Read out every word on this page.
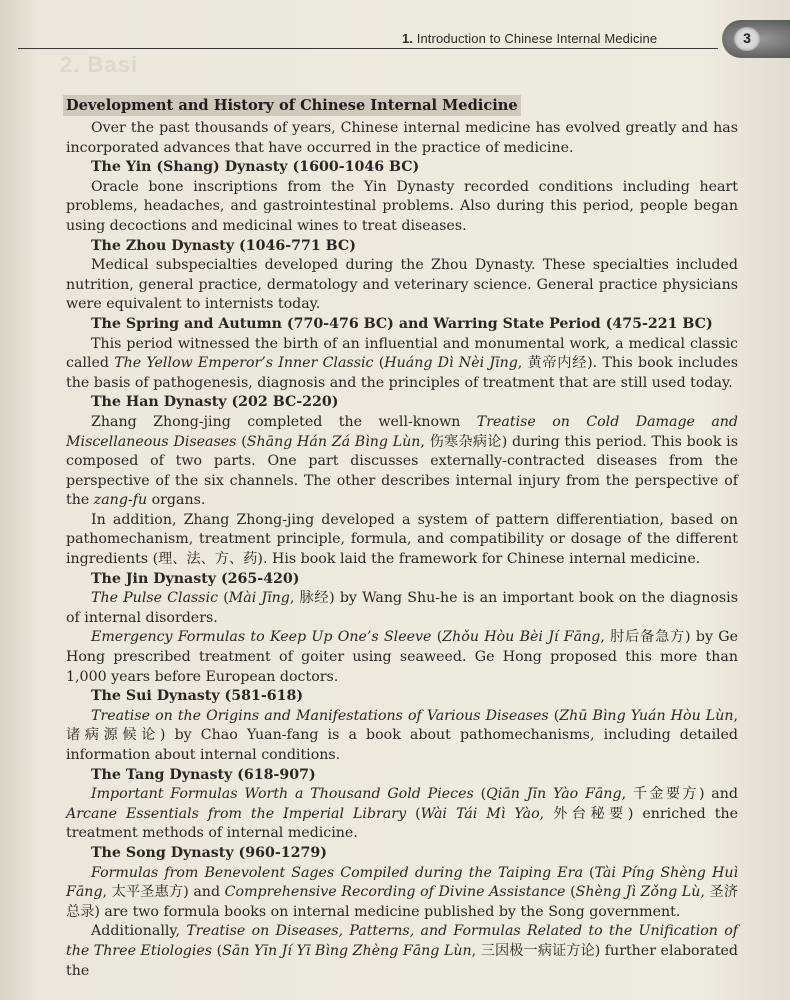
2. Basi
1. Introduction to Chinese Internal Medicine	3
Development and History of Chinese Internal Medicine

Over the past thousands of years, Chinese internal medicine has evolved greatly and has incorporated advances that have occurred in the practice of medicine.

The Yin (Shang) Dynasty (1600-1046 BC)

Oracle bone inscriptions from the Yin Dynasty recorded conditions including heart problems, headaches, and gastrointestinal problems. Also during this period, people began using decoctions and medicinal wines to treat diseases.

The Zhou Dynasty (1046-771 BC)

Medical subspecialties developed during the Zhou Dynasty. These specialties included nutrition, general practice, dermatology and veterinary science. General practice physicians were equivalent to internists today.

The Spring and Autumn (770-476 BC) and Warring State Period (475-221 BC)

This period witnessed the birth of an influential and monumental work, a medical classic called The Yellow Emperor’s Inner Classic (Huáng Dì Nèi Jīng, 黄帝内经). This book includes the basis of pathogenesis, diagnosis and the principles of treatment that are still used today.

The Han Dynasty (202 BC-220)

Zhang Zhong-jing completed the well-known Treatise on Cold Damage and Miscellaneous Diseases (Shāng Hán Zá Bìng Lùn, 伤寒杂病论) during this period. This book is composed of two parts. One part discusses externally-contracted diseases from the perspective of the six channels. The other describes internal injury from the perspective of the zang-fu organs.

In addition, Zhang Zhong-jing developed a system of pattern differentiation, based on pathomechanism, treatment principle, formula, and compatibility or dosage of the different ingredients (理、法、方、药). His book laid the framework for Chinese internal medicine.

The Jin Dynasty (265-420)

The Pulse Classic (Mài Jīng, 脉经) by Wang Shu-he is an important book on the diagnosis of internal disorders.

Emergency Formulas to Keep Up One’s Sleeve (Zhǒu Hòu Bèi Jí Fāng, 肘后备急方) by Ge Hong prescribed treatment of goiter using seaweed. Ge Hong proposed this more than 1,000 years before European doctors.

The Sui Dynasty (581-618)

Treatise on the Origins and Manifestations of Various Diseases (Zhū Bìng Yuán Hòu Lùn, 诸病源候论) by Chao Yuan-fang is a book about pathomechanisms, including detailed information about internal conditions.

The Tang Dynasty (618-907)

Important Formulas Worth a Thousand Gold Pieces (Qiān Jīn Yào Fāng, 千金要方) and Arcane Essentials from the Imperial Library (Wài Tái Mì Yào, 外台秘要) enriched the treatment methods of internal medicine.

The Song Dynasty (960-1279)

Formulas from Benevolent Sages Compiled during the Taiping Era (Tài Píng Shèng Huì Fāng, 太平圣惠方) and Comprehensive Recording of Divine Assistance (Shèng Jì Zǒng Lù, 圣济总录) are two formula books on internal medicine published by the Song government.

Additionally, Treatise on Diseases, Patterns, and Formulas Related to the Unification of the Three Etiologies (Sān Yīn Jí Yī Bìng Zhèng Fāng Lùn, 三因极一病证方论) further elaborated the
